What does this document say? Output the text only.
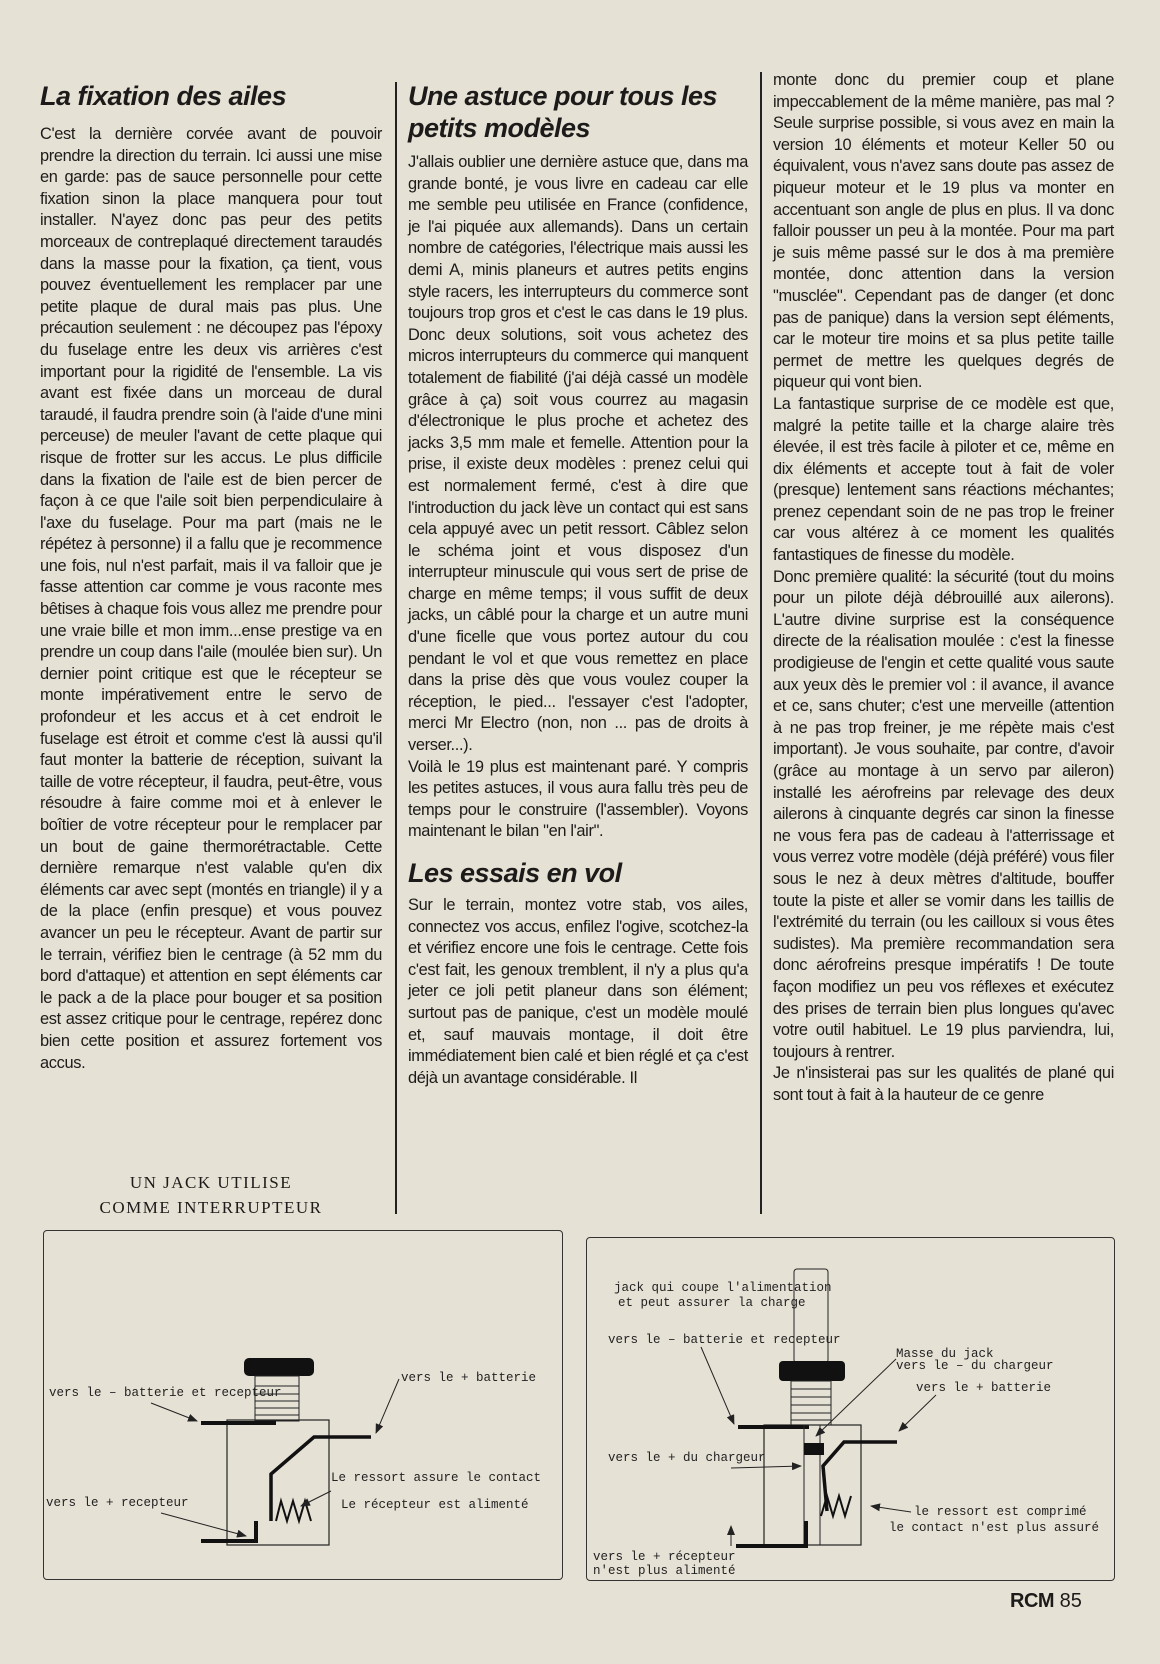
La fixation des ailes

C'est la dernière corvée avant de pouvoir prendre la direction du terrain. Ici aussi une mise en garde: pas de sauce personnelle pour cette fixation sinon la place manquera pour tout installer. N'ayez donc pas peur des petits morceaux de contreplaqué directement taraudés dans la masse pour la fixation, ça tient, vous pouvez éventuellement les remplacer par une petite plaque de dural mais pas plus. Une précaution seulement : ne découpez pas l'époxy du fuselage entre les deux vis arrières c'est important pour la rigidité de l'ensemble. La vis avant est fixée dans un morceau de dural taraudé, il faudra prendre soin (à l'aide d'une mini perceuse) de meuler l'avant de cette plaque qui risque de frotter sur les accus. Le plus difficile dans la fixation de l'aile est de bien percer de façon à ce que l'aile soit bien perpendiculaire à l'axe du fuselage. Pour ma part (mais ne le répétez à personne) il a fallu que je recommence une fois, nul n'est parfait, mais il va falloir que je fasse attention car comme je vous raconte mes bêtises à chaque fois vous allez me prendre pour une vraie bille et mon imm...ense prestige va en prendre un coup dans l'aile (moulée bien sur). Un dernier point critique est que le récepteur se monte impérativement entre le servo de profondeur et les accus et à cet endroit le fuselage est étroit et comme c'est là aussi qu'il faut monter la batterie de réception, suivant la taille de votre récepteur, il faudra, peut-être, vous résoudre à faire comme moi et à enlever le boîtier de votre récepteur pour le remplacer par un bout de gaine thermorétractable. Cette dernière remarque n'est valable qu'en dix éléments car avec sept (montés en triangle) il y a de la place (enfin presque) et vous pouvez avancer un peu le récepteur. Avant de partir sur le terrain, vérifiez bien le centrage (à 52 mm du bord d'attaque) et attention en sept éléments car le pack a de la place pour bouger et sa position est assez critique pour le centrage, repérez donc bien cette position et assurez fortement vos accus.

UN JACK UTILISE
COMME INTERRUPTEUR
Une astuce pour tous les petits modèles

J'allais oublier une dernière astuce que, dans ma grande bonté, je vous livre en cadeau car elle me semble peu utilisée en France (confidence, je l'ai piquée aux allemands). Dans un certain nombre de catégories, l'électrique mais aussi les demi A, minis planeurs et autres petits engins style racers, les interrupteurs du commerce sont toujours trop gros et c'est le cas dans le 19 plus. Donc deux solutions, soit vous achetez des micros interrupteurs du commerce qui manquent totalement de fiabilité (j'ai déjà cassé un modèle grâce à ça) soit vous courrez au magasin d'électronique le plus proche et achetez des jacks 3,5 mm male et femelle. Attention pour la prise, il existe deux modèles : prenez celui qui est normalement fermé, c'est à dire que l'introduction du jack lève un contact qui est sans cela appuyé avec un petit ressort. Câblez selon le schéma joint et vous disposez d'un interrupteur minuscule qui vous sert de prise de charge en même temps; il vous suffit de deux jacks, un câblé pour la charge et un autre muni d'une ficelle que vous portez autour du cou pendant le vol et que vous remettez en place dans la prise dès que vous voulez couper la réception, le pied... l'essayer c'est l'adopter, merci Mr Electro (non, non ... pas de droits à verser...).

Voilà le 19 plus est maintenant paré. Y compris les petites astuces, il vous aura fallu très peu de temps pour le construire (l'assembler). Voyons maintenant le bilan "en l'air".

Les essais en vol

Sur le terrain, montez votre stab, vos ailes, connectez vos accus, enfilez l'ogive, scotchez-la et vérifiez encore une fois le centrage. Cette fois c'est fait, les genoux tremblent, il n'y a plus qu'a jeter ce joli petit planeur dans son élément; surtout pas de panique, c'est un modèle moulé et, sauf mauvais montage, il doit être immédiatement bien calé et bien réglé et ça c'est déjà un avantage considérable. Il

monte donc du premier coup et plane impeccablement de la même manière, pas mal ? Seule surprise possible, si vous avez en main la version 10 éléments et moteur Keller 50 ou équivalent, vous n'avez sans doute pas assez de piqueur moteur et le 19 plus va monter en accentuant son angle de plus en plus. Il va donc falloir pousser un peu à la montée. Pour ma part je suis même passé sur le dos à ma première montée, donc attention dans la version "musclée". Cependant pas de danger (et donc pas de panique) dans la version sept éléments, car le moteur tire moins et sa plus petite taille permet de mettre les quelques degrés de piqueur qui vont bien.

La fantastique surprise de ce modèle est que, malgré la petite taille et la charge alaire très élevée, il est très facile à piloter et ce, même en dix éléments et accepte tout à fait de voler (presque) lentement sans réactions méchantes; prenez cependant soin de ne pas trop le freiner car vous altérez à ce moment les qualités fantastiques de finesse du modèle.

Donc première qualité: la sécurité (tout du moins pour un pilote déjà débrouillé aux ailerons). L'autre divine surprise est la conséquence directe de la réalisation moulée : c'est la finesse prodigieuse de l'engin et cette qualité vous saute aux yeux dès le premier vol : il avance, il avance et ce, sans chuter; c'est une merveille (attention à ne pas trop freiner, je me répète mais c'est important). Je vous souhaite, par contre, d'avoir (grâce au montage à un servo par aileron) installé les aérofreins par relevage des deux ailerons à cinquante degrés car sinon la finesse ne vous fera pas de cadeau à l'atterrissage et vous verrez votre modèle (déjà préféré) vous filer sous le nez à deux mètres d'altitude, bouffer toute la piste et aller se vomir dans les taillis de l'extrémité du terrain (ou les cailloux si vous êtes sudistes). Ma première recommandation sera donc aérofreins presque impératifs ! De toute façon modifiez un peu vos réflexes et exécutez des prises de terrain bien plus longues qu'avec votre outil habituel. Le 19 plus parviendra, lui, toujours à rentrer.

Je n'insisterai pas sur les qualités de plané qui sont tout à fait à la hauteur de ce genre

vers le – batterie et recepteur
vers le + batterie
Le ressort assure le contact
vers le + recepteur	Le récepteur est alimenté
jack qui coupe l'alimentation
et peut assurer la charge
vers le – batterie et recepteur
Masse du jack
vers le – du chargeur
vers le + batterie
vers le + du chargeur
le ressort est comprimé
le contact n'est plus assuré
vers le + récepteur
n'est plus alimenté
RCM 85
